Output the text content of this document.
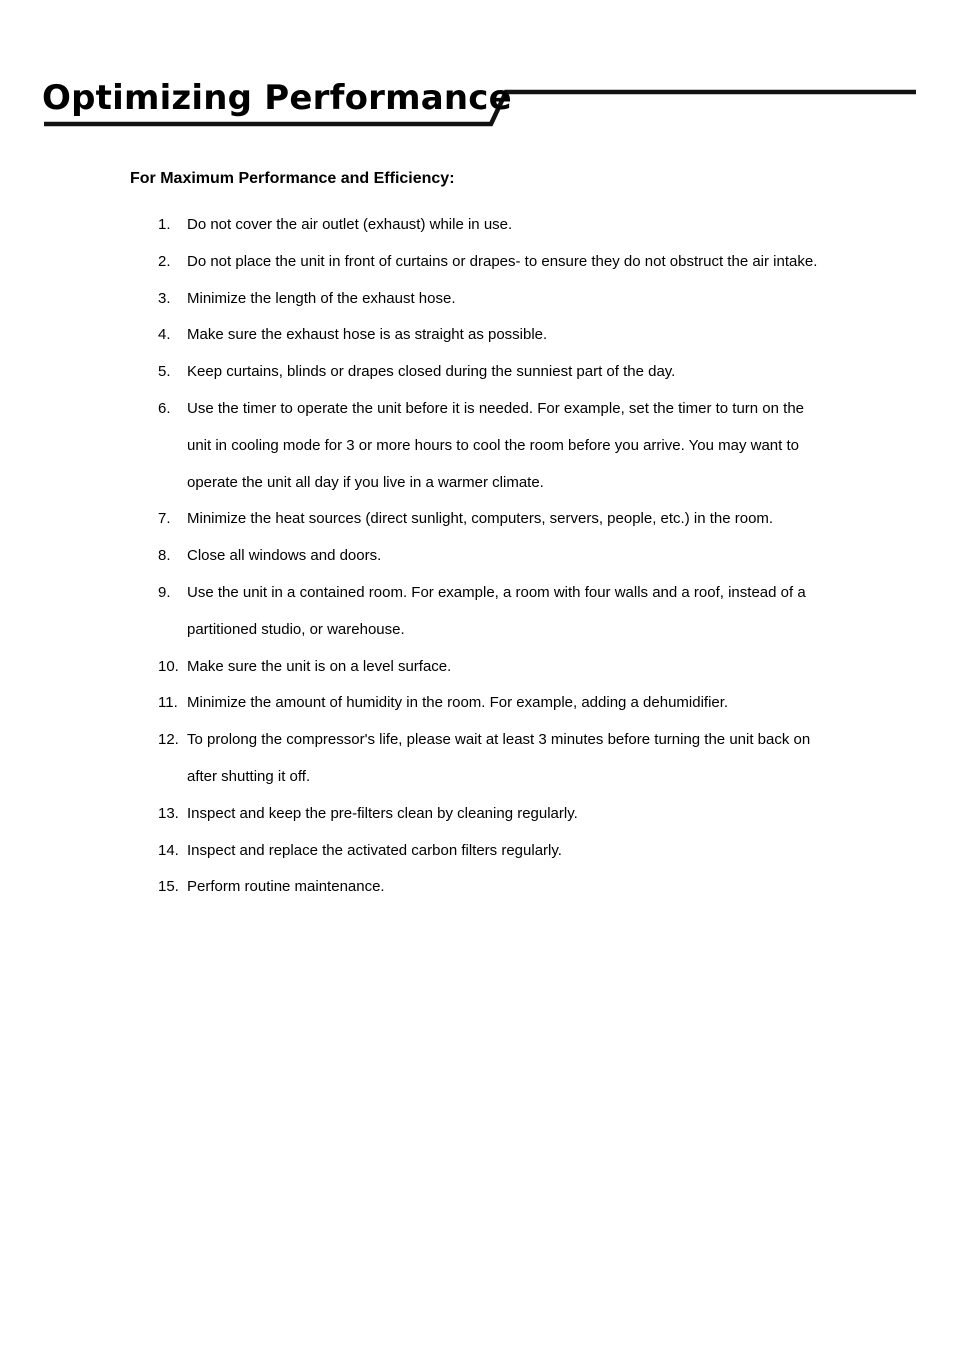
Optimizing Performance
For Maximum Performance and Efficiency:
1. Do not cover the air outlet (exhaust) while in use.
2. Do not place the unit in front of curtains or drapes- to ensure they do not obstruct the air intake.
3. Minimize the length of the exhaust hose.
4. Make sure the exhaust hose is as straight as possible.
5. Keep curtains, blinds or drapes closed during the sunniest part of the day.
6. Use the timer to operate the unit before it is needed. For example, set the timer to turn on the unit in cooling mode for 3 or more hours to cool the room before you arrive. You may want to operate the unit all day if you live in a warmer climate.
7. Minimize the heat sources (direct sunlight, computers, servers, people, etc.) in the room.
8. Close all windows and doors.
9. Use the unit in a contained room. For example, a room with four walls and a roof, instead of a partitioned studio, or warehouse.
10. Make sure the unit is on a level surface.
11. Minimize the amount of humidity in the room. For example, adding a dehumidifier.
12. To prolong the compressor's life, please wait at least 3 minutes before turning the unit back on after shutting it off.
13. Inspect and keep the pre-filters clean by cleaning regularly.
14. Inspect and replace the activated carbon filters regularly.
15. Perform routine maintenance.
